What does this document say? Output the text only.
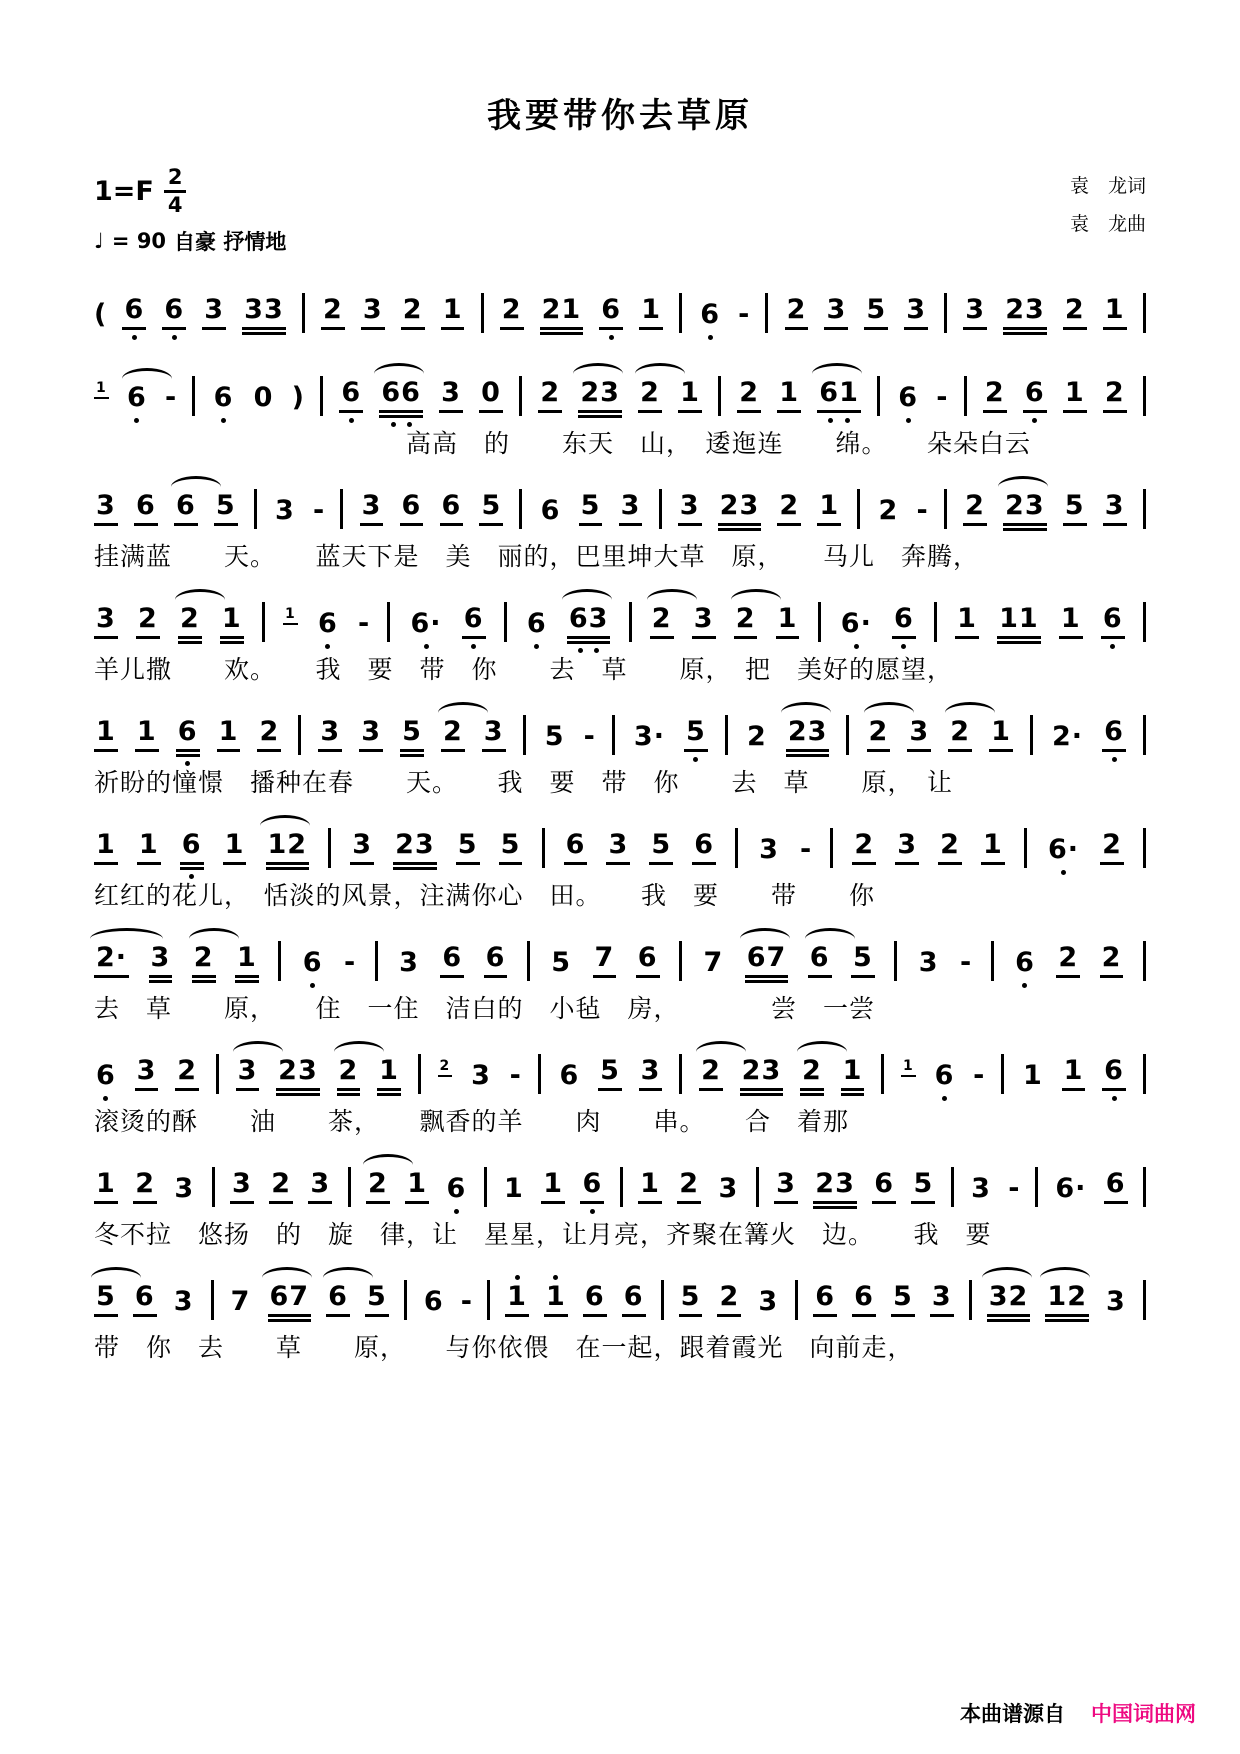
我要带你去草原
$1=F \frac{2}{4}$
♩ = 90 自豪 抒情地
袁　龙词
袁　龙曲
( 6 6 3 33 2 3 2 1 2 21 6 1 6 - 2 3 5 3 3 23 2 1
1 6 - 6 0 ) 6 66 3 0 2 23 2 1 2 1 61 6 - 2 6 1 2
　　　　　　　　　　　　高高　的　　东天　山，　逶迤连　　绵。　　朵朵白云
3 6 6 5 3 - 3 6 6 5 6 5 3 3 23 2 1 2 - 2 23 5 3
挂满蓝　　天。　　蓝天下是　美　丽的，巴里坤大草　原，　　马儿　奔腾，
3 2 2 1	1 6 - 6· 6 6 63 2 3 2 1 6· 6 1 11 1 6
羊儿撒　　欢。　　我　要　带　你　　去　草　　原，　把　美好的愿望，
1 1 6 1 2 3 3 5 2 3 5 - 3· 5 2 23 2 3 2 1 2· 6
祈盼的憧憬　播种在春　　天。　　我　要　带　你　　去　草　　原，　让
1 1 6 1 12 3 23 5 5 6 3 5 6 3 - 2 3 2 1 6· 2
红红的花儿，　恬淡的风景，注满你心　田。　　我　要　　带　　你
2· 3 2 1 6 - 3 6 6 5 7 6 7 67 6 5 3 - 6 2 2
去　草　　原，　　住　一住　洁白的　小毡　房，　　　　尝　一尝
6 3 2 3 23 2 1	2 3 - 6 5 3 2 23 2 1	1 6 - 1 1 6
滚烫的酥　　油　　茶，　　飘香的羊　　肉　　串。　　合　着那
1 2 3 3 2 3 2 1 6 1 1 6 1 2 3 3 23 6 5 3 - 6· 6
冬不拉　悠扬　的　旋　律，让　星星，让月亮，齐聚在篝火　边。　　我　要
5 6 3 7 67 6 5 6 - 1 1 6 6 5 2 3 6 6 5 3 32 12 3
带　你　去　　草　　原，　　与你依偎　在一起，跟着霞光　向前走，
本曲谱源自 中国词曲网
